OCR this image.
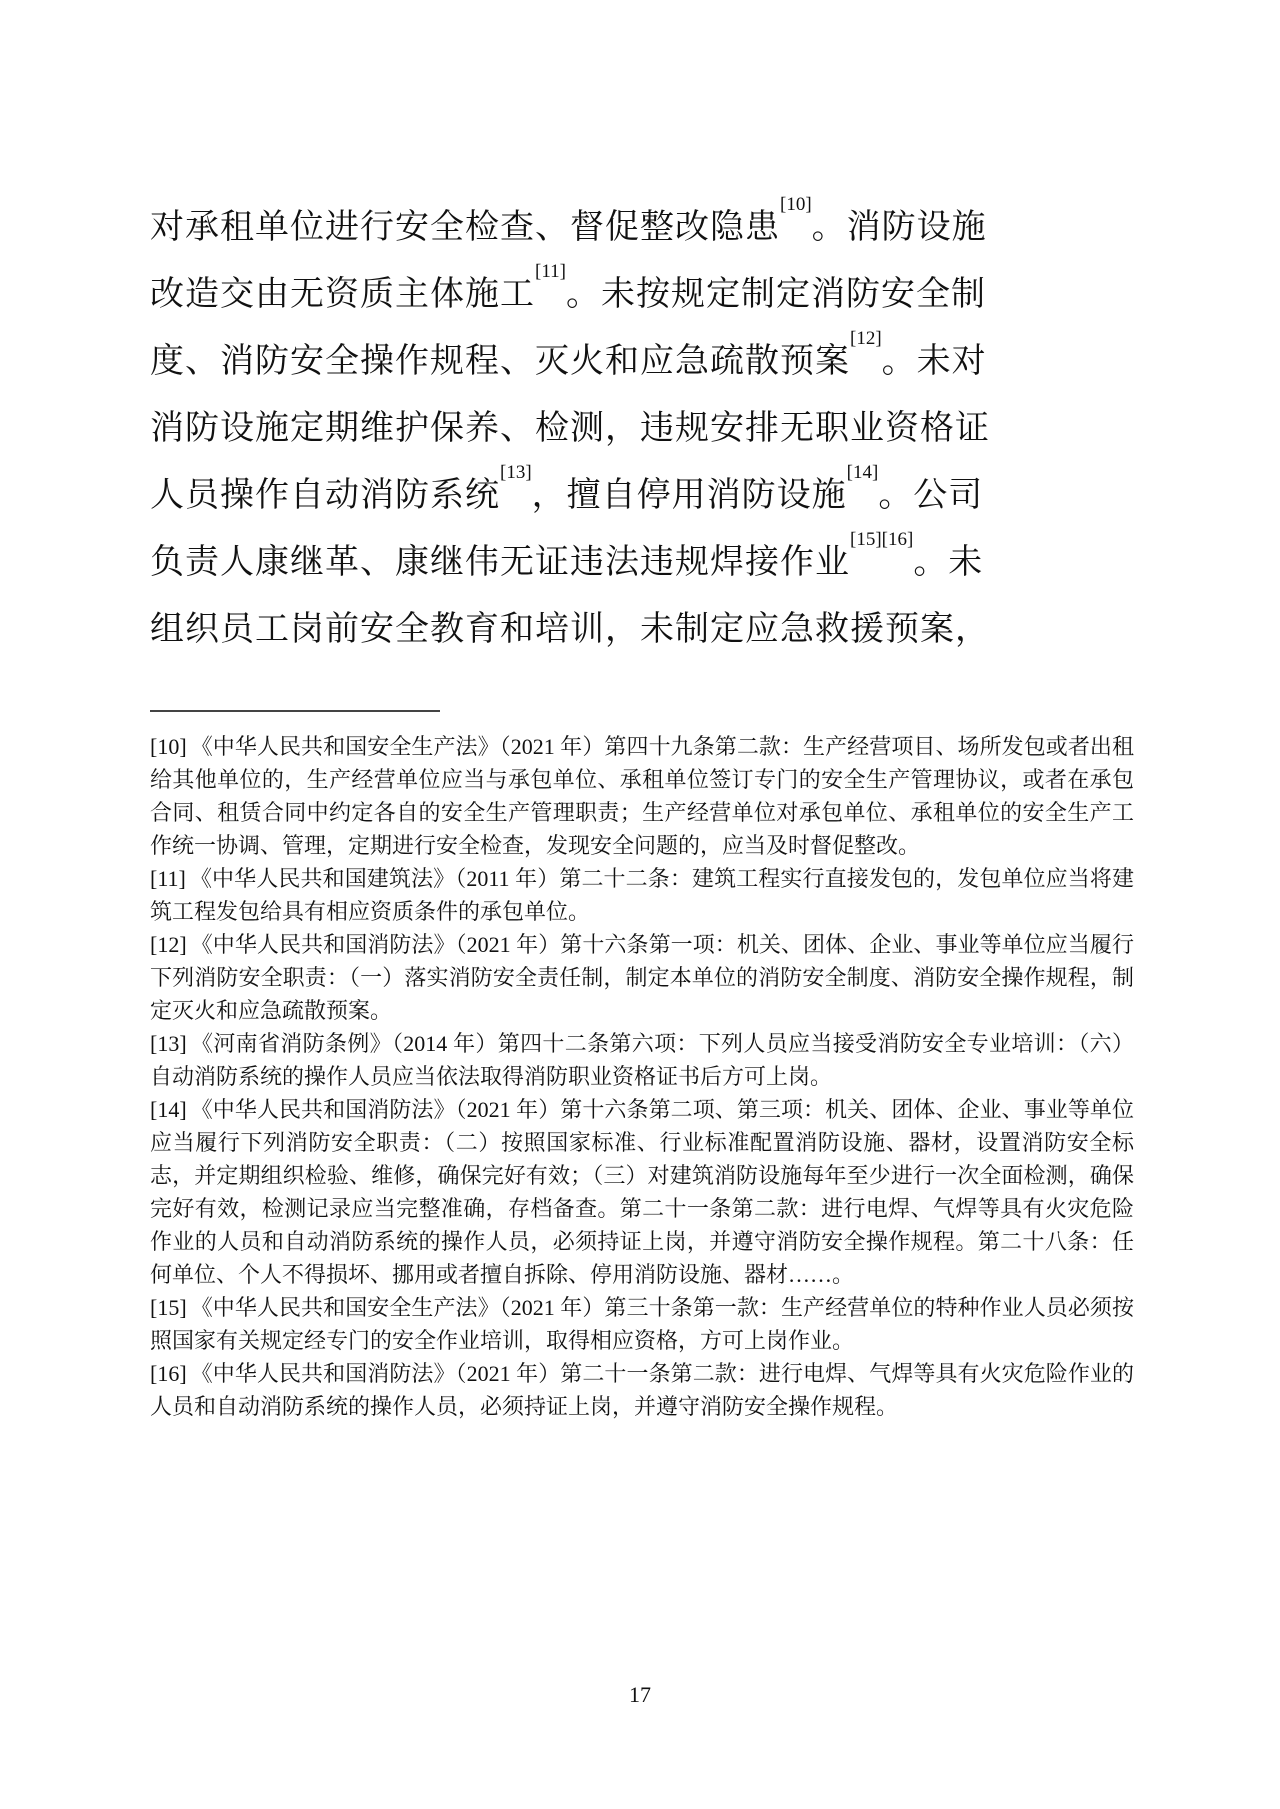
对承租单位进行安全检查、督促整改隐患[10]。消防设施
改造交由无资质主体施工[11]。未按规定制定消防安全制
度、消防安全操作规程、灭火和应急疏散预案[12]。未对
消防设施定期维护保养、检测，违规安排无职业资格证
人员操作自动消防系统[13]，擅自停用消防设施[14]。公司
负责人康继革、康继伟无证违法违规焊接作业[15][16]。未
组织员工岗前安全教育和培训，未制定应急救援预案，

[10] 《中华人民共和国安全生产法》（2021 年）第四十九条第二款：生产经营项目、场所发包或者出租给其他单位的，生产经营单位应当与承包单位、承租单位签订专门的安全生产管理协议，或者在承包合同、租赁合同中约定各自的安全生产管理职责；生产经营单位对承包单位、承租单位的安全生产工作统一协调、管理，定期进行安全检查，发现安全问题的，应当及时督促整改。

[11] 《中华人民共和国建筑法》（2011 年）第二十二条：建筑工程实行直接发包的，发包单位应当将建筑工程发包给具有相应资质条件的承包单位。

[12] 《中华人民共和国消防法》（2021 年）第十六条第一项：机关、团体、企业、事业等单位应当履行下列消防安全职责：（一）落实消防安全责任制，制定本单位的消防安全制度、消防安全操作规程，制定灭火和应急疏散预案。

[13] 《河南省消防条例》（2014 年）第四十二条第六项：下列人员应当接受消防安全专业培训：（六）自动消防系统的操作人员应当依法取得消防职业资格证书后方可上岗。

[14] 《中华人民共和国消防法》（2021 年）第十六条第二项、第三项：机关、团体、企业、事业等单位应当履行下列消防安全职责：（二）按照国家标准、行业标准配置消防设施、器材，设置消防安全标志，并定期组织检验、维修，确保完好有效；（三）对建筑消防设施每年至少进行一次全面检测，确保完好有效，检测记录应当完整准确，存档备查。第二十一条第二款：进行电焊、气焊等具有火灾危险作业的人员和自动消防系统的操作人员，必须持证上岗，并遵守消防安全操作规程。第二十八条：任何单位、个人不得损坏、挪用或者擅自拆除、停用消防设施、器材……。

[15] 《中华人民共和国安全生产法》（2021 年）第三十条第一款：生产经营单位的特种作业人员必须按照国家有关规定经专门的安全作业培训，取得相应资格，方可上岗作业。

[16] 《中华人民共和国消防法》（2021 年）第二十一条第二款：进行电焊、气焊等具有火灾危险作业的人员和自动消防系统的操作人员，必须持证上岗，并遵守消防安全操作规程。

17
